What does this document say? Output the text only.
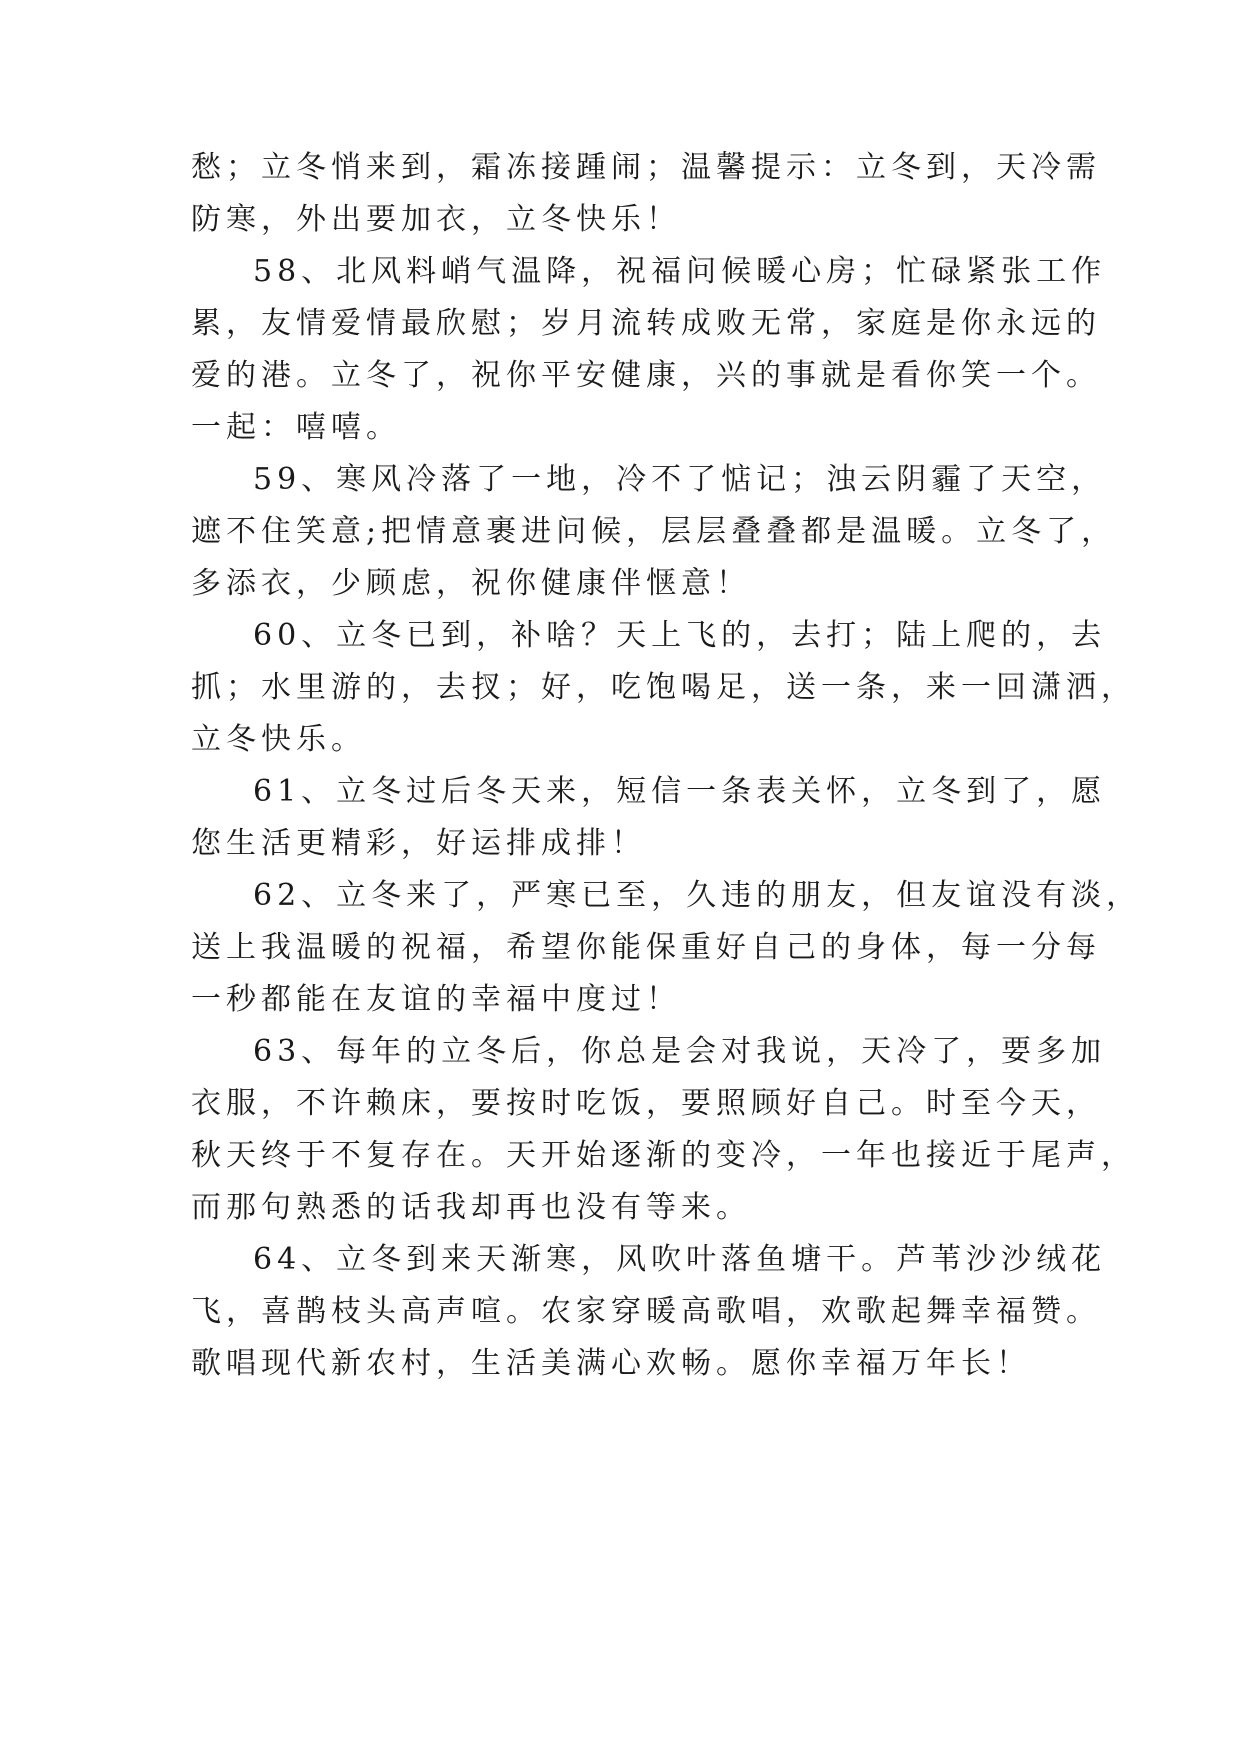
愁；立冬悄来到，霜冻接踵闹；温馨提示：立冬到，天冷需
防寒，外出要加衣，立冬快乐！
58、北风料峭气温降，祝福问候暖心房；忙碌紧张工作
累，友情爱情最欣慰；岁月流转成败无常，家庭是你永远的
爱的港。立冬了，祝你平安健康，兴的事就是看你笑一个。
一起：嘻嘻。
59、寒风冷落了一地，冷不了惦记；浊云阴霾了天空，
遮不住笑意;把情意裹进问候，层层叠叠都是温暖。立冬了，
多添衣，少顾虑，祝你健康伴惬意！
60、立冬已到，补啥？天上飞的，去打；陆上爬的，去
抓；水里游的，去扠；好，吃饱喝足，送一条，来一回潇洒，
立冬快乐。
61、立冬过后冬天来，短信一条表关怀，立冬到了，愿
您生活更精彩，好运排成排！
62、立冬来了，严寒已至，久违的朋友，但友谊没有淡，
送上我温暖的祝福，希望你能保重好自己的身体，每一分每
一秒都能在友谊的幸福中度过！
63、每年的立冬后，你总是会对我说，天冷了，要多加
衣服，不许赖床，要按时吃饭，要照顾好自己。时至今天，
秋天终于不复存在。天开始逐渐的变冷，一年也接近于尾声，
而那句熟悉的话我却再也没有等来。
64、立冬到来天渐寒，风吹叶落鱼塘干。芦苇沙沙绒花
飞，喜鹊枝头高声喧。农家穿暖高歌唱，欢歌起舞幸福赞。
歌唱现代新农村，生活美满心欢畅。愿你幸福万年长！
